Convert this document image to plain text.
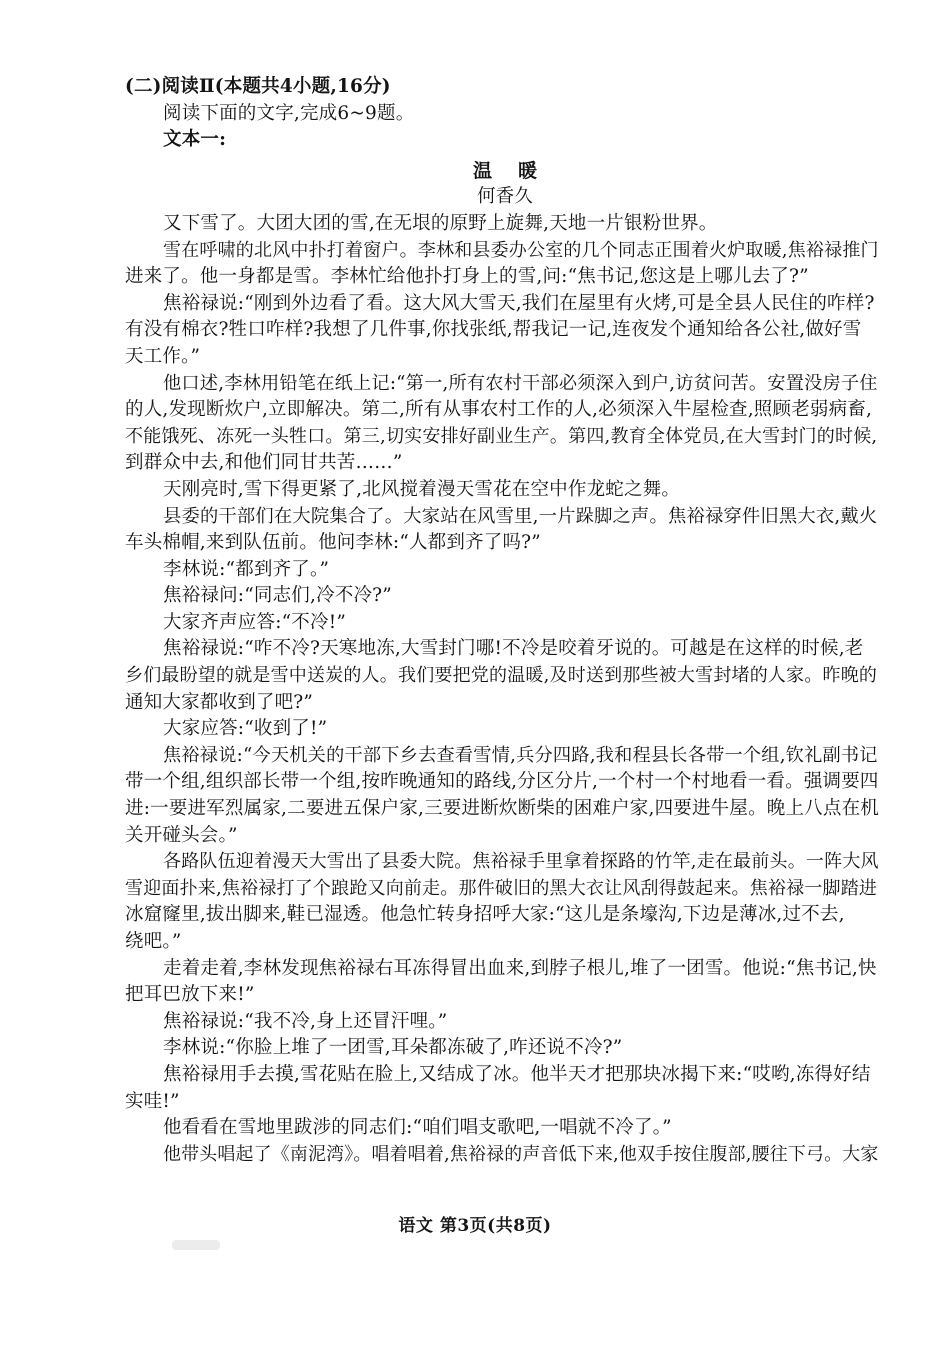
(二)阅读Ⅱ(本题共4小题,16分)
阅读下面的文字,完成6~9题。
文本一:
温暖
何香久
又下雪了。大团大团的雪,在无垠的原野上旋舞,天地一片银粉世界。
雪在呼啸的北风中扑打着窗户。李林和县委办公室的几个同志正围着火炉取暖,焦裕禄推门
进来了。他一身都是雪。李林忙给他扑打身上的雪,问:“焦书记,您这是上哪儿去了?”
焦裕禄说:“刚到外边看了看。这大风大雪天,我们在屋里有火烤,可是全县人民住的咋样?
有没有棉衣?牲口咋样?我想了几件事,你找张纸,帮我记一记,连夜发个通知给各公社,做好雪
天工作。”
他口述,李林用铅笔在纸上记:“第一,所有农村干部必须深入到户,访贫问苦。安置没房子住
的人,发现断炊户,立即解决。第二,所有从事农村工作的人,必须深入牛屋检查,照顾老弱病畜,
不能饿死、冻死一头牲口。第三,切实安排好副业生产。第四,教育全体党员,在大雪封门的时候,
到群众中去,和他们同甘共苦……”
天刚亮时,雪下得更紧了,北风搅着漫天雪花在空中作龙蛇之舞。
县委的干部们在大院集合了。大家站在风雪里,一片跺脚之声。焦裕禄穿件旧黑大衣,戴火
车头棉帽,来到队伍前。他问李林:“人都到齐了吗?”
李林说:“都到齐了。”
焦裕禄问:“同志们,冷不冷?”
大家齐声应答:“不冷!”
焦裕禄说:“咋不冷?天寒地冻,大雪封门哪!不冷是咬着牙说的。可越是在这样的时候,老
乡们最盼望的就是雪中送炭的人。我们要把党的温暖,及时送到那些被大雪封堵的人家。昨晚的
通知大家都收到了吧?”
大家应答:“收到了!”
焦裕禄说:“今天机关的干部下乡去查看雪情,兵分四路,我和程县长各带一个组,钦礼副书记
带一个组,组织部长带一个组,按昨晚通知的路线,分区分片,一个村一个村地看一看。强调要四
进:一要进军烈属家,二要进五保户家,三要进断炊断柴的困难户家,四要进牛屋。晚上八点在机
关开碰头会。”
各路队伍迎着漫天大雪出了县委大院。焦裕禄手里拿着探路的竹竿,走在最前头。一阵大风
雪迎面扑来,焦裕禄打了个踉跄又向前走。那件破旧的黑大衣让风刮得鼓起来。焦裕禄一脚踏进
冰窟窿里,拔出脚来,鞋已湿透。他急忙转身招呼大家:“这儿是条壕沟,下边是薄冰,过不去,
绕吧。”
走着走着,李林发现焦裕禄右耳冻得冒出血来,到脖子根儿,堆了一团雪。他说:“焦书记,快
把耳巴放下来!”
焦裕禄说:“我不冷,身上还冒汗哩。”
李林说:“你脸上堆了一团雪,耳朵都冻破了,咋还说不冷?”
焦裕禄用手去摸,雪花贴在脸上,又结成了冰。他半天才把那块冰揭下来:“哎哟,冻得好结
实哇!”
他看看在雪地里跋涉的同志们:“咱们唱支歌吧,一唱就不冷了。”
他带头唱起了《南泥湾》。唱着唱着,焦裕禄的声音低下来,他双手按住腹部,腰往下弓。大家
语文 第3页(共8页)
